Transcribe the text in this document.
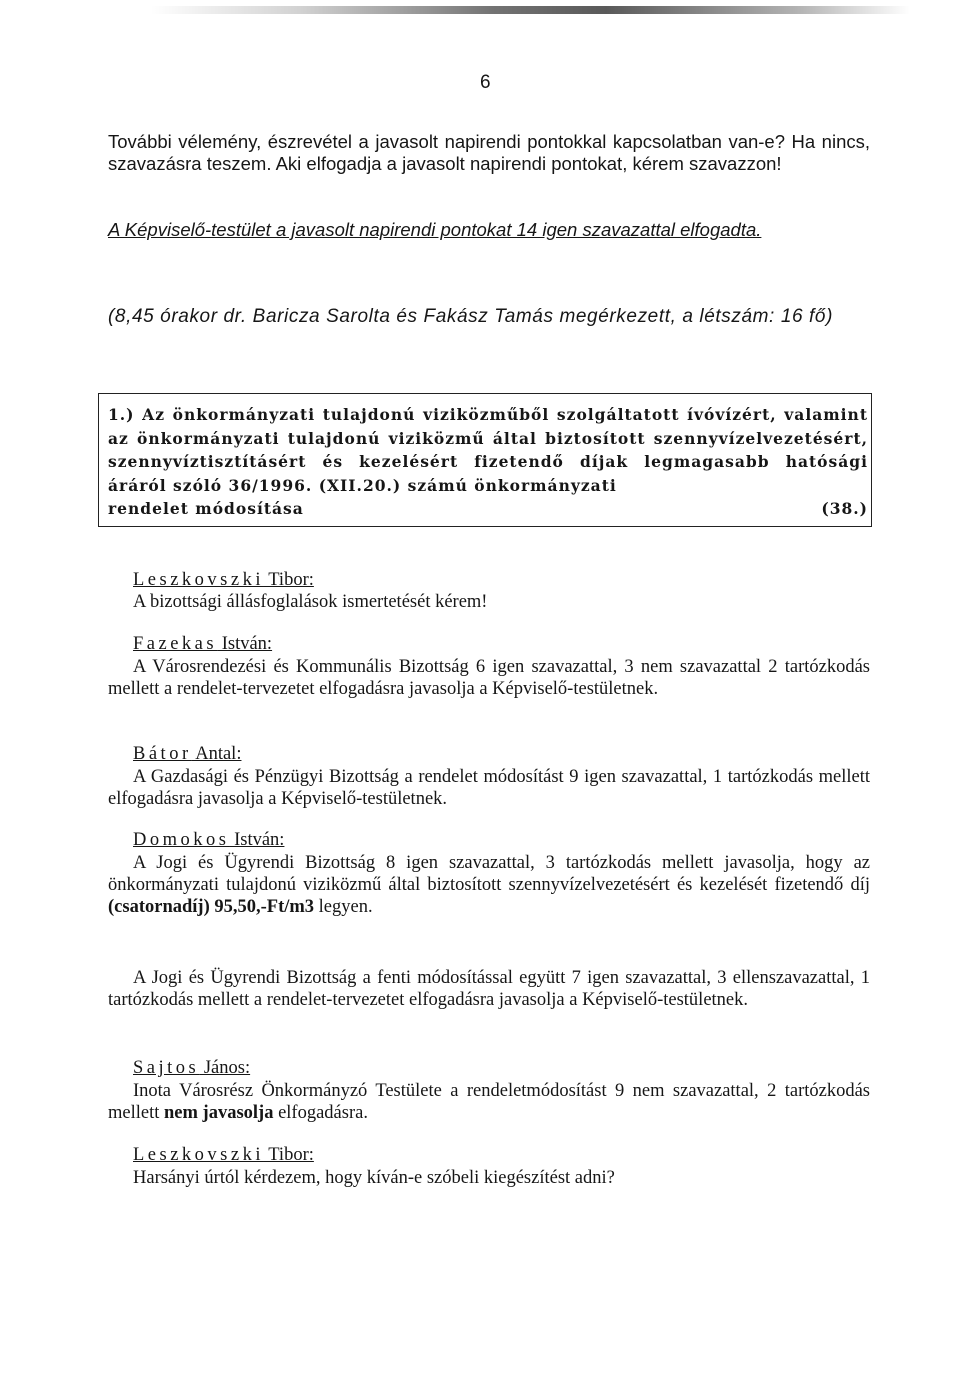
6
További vélemény, észrevétel a javasolt napirendi pontokkal kapcsolatban van-e? Ha nincs, szavazásra teszem. Aki elfogadja a javasolt napirendi pontokat, kérem szavazzon!
A Képviselő-testület a javasolt napirendi pontokat 14 igen szavazattal elfogadta.
(8,45 órakor dr. Baricza Sarolta és Fakász Tamás megérkezett, a létszám: 16 fő)
1.) Az önkormányzati tulajdonú viziközműből szolgáltatott ívóvízért, valamint az önkormányzati tulajdonú viziközmű által biztosított szennyvízelvezetésért, szennyvíztisztításért és kezelésért fizetendő díjak legmagasabb hatósági áráról szóló 36/1996. (XII.20.) számú önkormányzati
rendelet módosítása	(38.)
Leszkovszki Tibor:
A bizottsági állásfoglalások ismertetését kérem!
Fazekas István:
A Városrendezési és Kommunális Bizottság 6 igen szavazattal, 3 nem szavazattal 2 tartózkodás mellett a rendelet-tervezetet elfogadásra javasolja a Képviselő-testületnek.
Bátor Antal:
A Gazdasági és Pénzügyi Bizottság a rendelet módosítást 9 igen szavazattal, 1 tartózkodás mellett elfogadásra javasolja a Képviselő-testületnek.
Domokos István:
A Jogi és Ügyrendi Bizottság 8 igen szavazattal, 3 tartózkodás mellett javasolja, hogy az önkormányzati tulajdonú viziközmű által biztosított szennyvízelvezetésért és kezelését fizetendő díj (csatornadíj) 95,50,-Ft/m3 legyen.
A Jogi és Ügyrendi Bizottság a fenti módosítással együtt 7 igen szavazattal, 3 ellenszavazattal, 1 tartózkodás mellett a rendelet-tervezetet elfogadásra javasolja a Képviselő-testületnek.
Sajtos János:
Inota Városrész Önkormányzó Testülete a rendeletmódosítást 9 nem szavazattal, 2 tartózkodás mellett nem javasolja elfogadásra.
Leszkovszki Tibor:
Harsányi úrtól kérdezem, hogy kíván-e szóbeli kiegészítést adni?
